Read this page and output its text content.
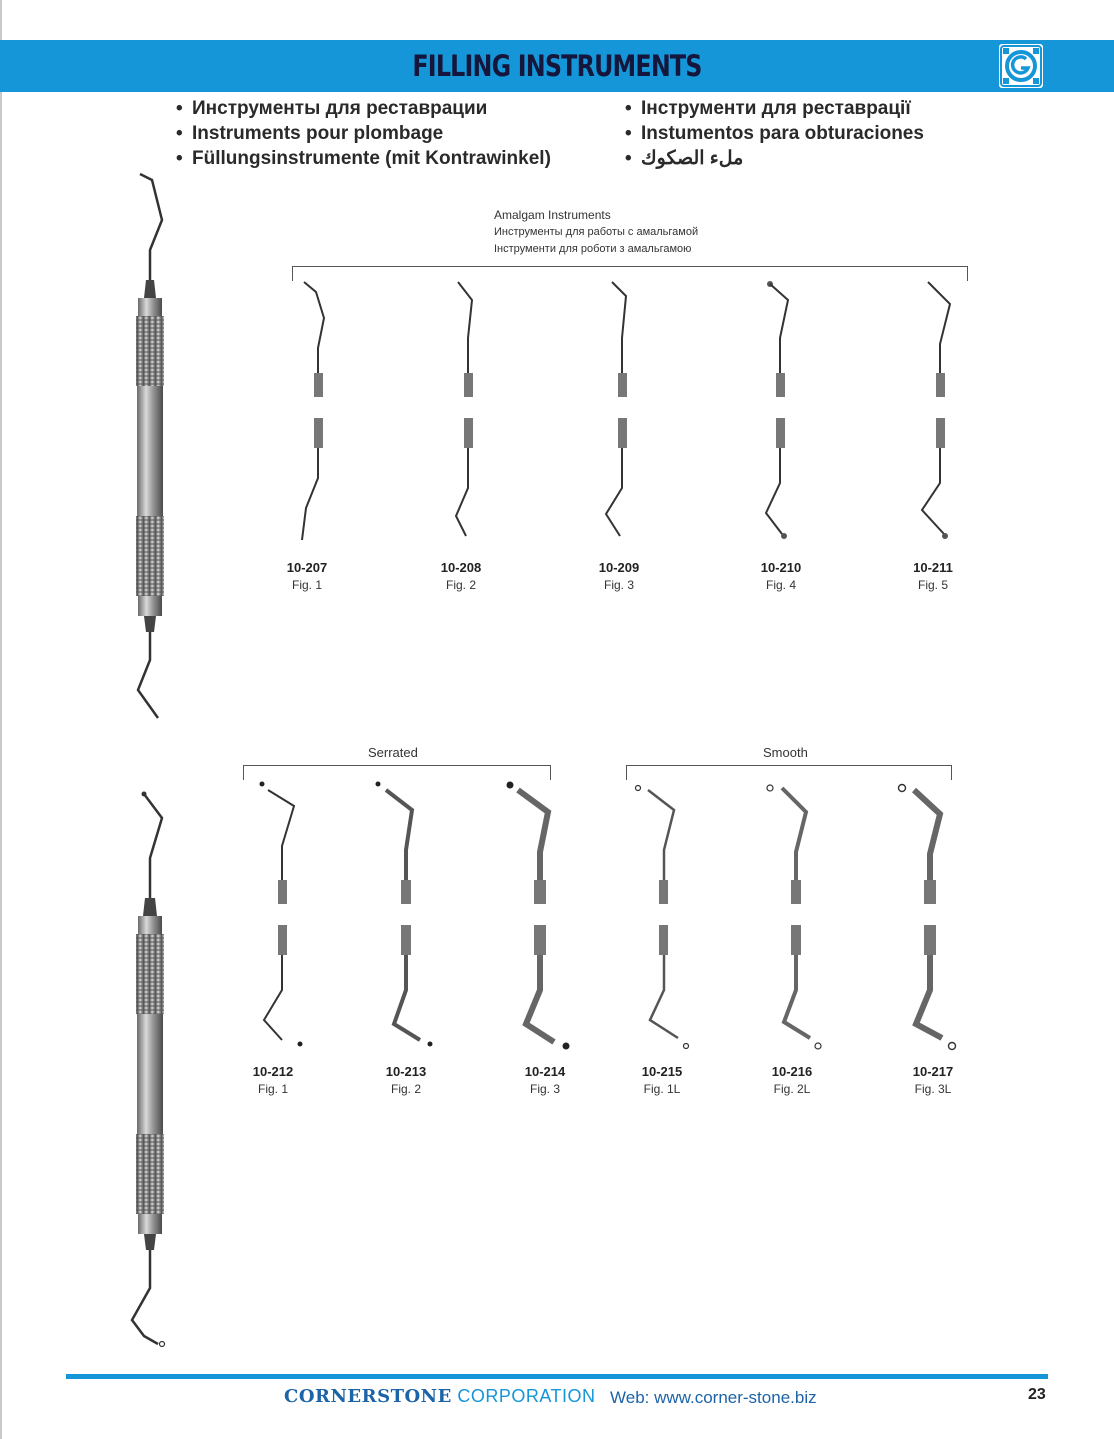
FILLING INSTRUMENTS
• Инструменты для реставрации
• Instruments pour plombage
• Füllungsinstrumente (mit Kontrawinkel)
• Інструменти для реставрації
• Instumentos para obturaciones
• ملء الصكوك
Amalgam Instruments
Инструменты для работы с амальгамой
Інструменти для роботи з амальгамою
10-207
Fig. 1
10-208
Fig. 2
10-209
Fig. 3
10-210
Fig. 4
10-211
Fig. 5
Serrated	Smooth
10-212
Fig. 1
10-213
Fig. 2
10-214
Fig. 3
10-215
Fig. 1L
10-216
Fig. 2L
10-217
Fig. 3L
CORNERSTONE CORPORATION Web: www.corner-stone.biz	23
